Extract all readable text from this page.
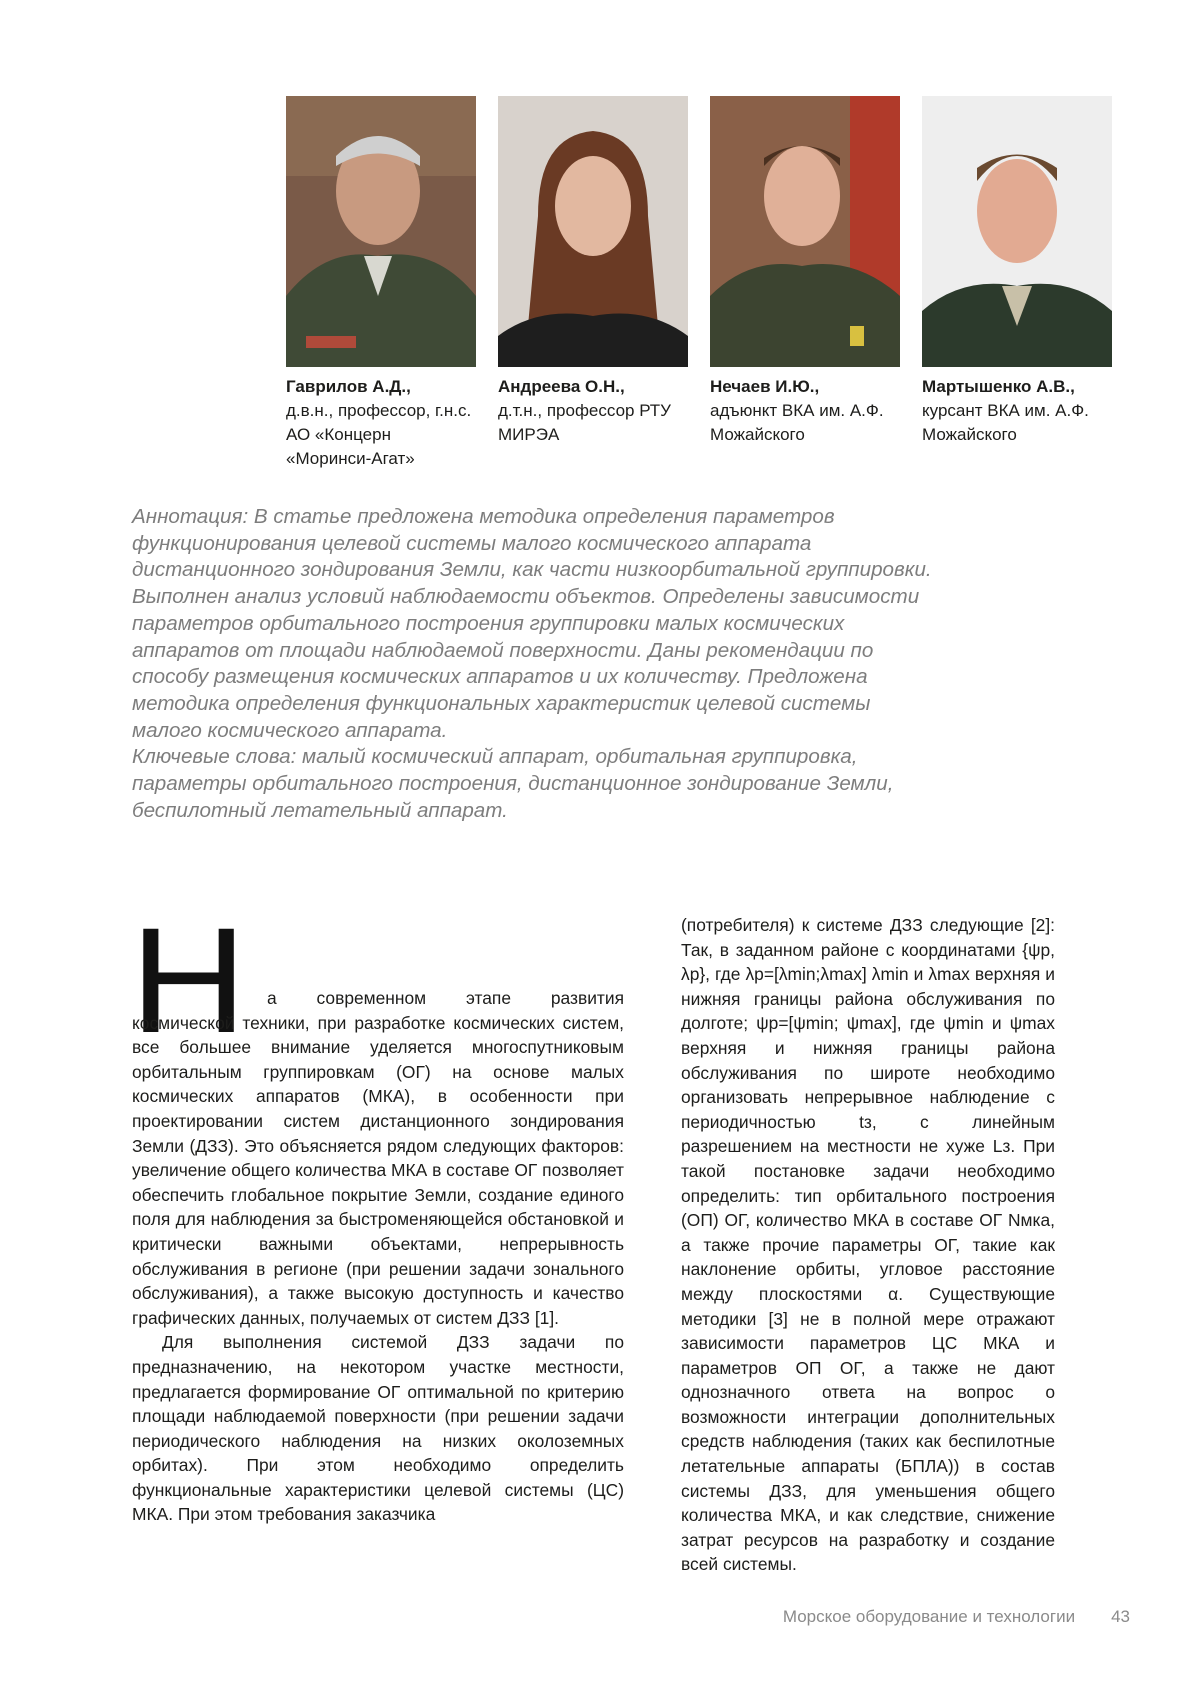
Гаврилов А.Д.,
д.в.н., профессор, г.н.с. АО «Концерн «Моринси-Агат»
Андреева О.Н.,
д.т.н., профессор РТУ МИРЭА
Нечаев И.Ю.,
адъюнкт ВКА им. А.Ф. Можайского
Мартышенко А.В.,
курсант ВКА им. А.Ф. Можайского

Аннотация: В статье предложена методика определения параметров функционирования целевой системы малого космического аппарата дистанционного зондирования Земли, как части низкоорбитальной группировки. Выполнен анализ условий наблюдаемости объектов. Определены зависимости параметров орбитального построения группировки малых космических аппаратов от площади наблюдаемой поверхности. Даны рекомендации по способу размещения космических аппаратов и их количеству. Предложена методика определения функциональных характеристик целевой системы малого космического аппарата.

Ключевые слова: малый космический аппарат, орбитальная группировка, параметры орбитального построения, дистанционное зондирование Земли, беспилотный летательный аппарат.

Н	а современном этапе развития космической техники, при разработке космических систем, все большее внимание уделяется многоспутниковым орбитальным группировкам (ОГ) на основе малых космических аппаратов (МКА), в особенности при проектировании систем дистанционного зондирования Земли (ДЗЗ). Это объясняется рядом следующих факторов: увеличение общего количества МКА в составе ОГ позволяет обеспечить глобальное покрытие Земли, создание единого поля для наблюдения за быстроменяющейся обстановкой и критически важными объектами, непрерывность обслуживания в регионе (при решении задачи зонального обслуживания), а также высокую доступность и качество графических данных, получаемых от систем ДЗЗ [1].

Для выполнения системой ДЗЗ задачи по предназначению, на некотором участке местности, предлагается формирование ОГ оптимальной по критерию площади наблюдаемой поверхности (при решении задачи периодического наблюдения на низких околоземных орбитах). При этом необходимо определить функциональные характеристики целевой системы (ЦС) МКА. При этом требования заказчика

(потребителя) к системе ДЗЗ следующие [2]: Так, в заданном районе с координатами {ψр, λр}, где λр=[λmin;λmax] λmin и λmax верхняя и нижняя границы района обслуживания по долготе; ψр=[ψmin; ψmax], где ψmin и ψmax верхняя и нижняя границы района обслуживания по широте необходимо организовать непрерывное наблюдение с периодичностью tз, с линейным разрешением на местности не хуже Lз. При такой постановке задачи необходимо определить: тип орбитального построения (ОП) ОГ, количество МКА в составе ОГ Nмка, а также прочие параметры ОГ, такие как наклонение орбиты, угловое расстояние между плоскостями α. Существующие методики [3] не в полной мере отражают зависимости параметров ЦС МКА и параметров ОП ОГ, а также не дают однозначного ответа на вопрос о возможности интеграции дополнительных средств наблюдения (таких как беспилотные летательные аппараты (БПЛА)) в состав системы ДЗЗ, для уменьшения общего количества МКА, и как следствие, снижение затрат ресурсов на разработку и создание всей системы.

Морское оборудование и технологии 43
